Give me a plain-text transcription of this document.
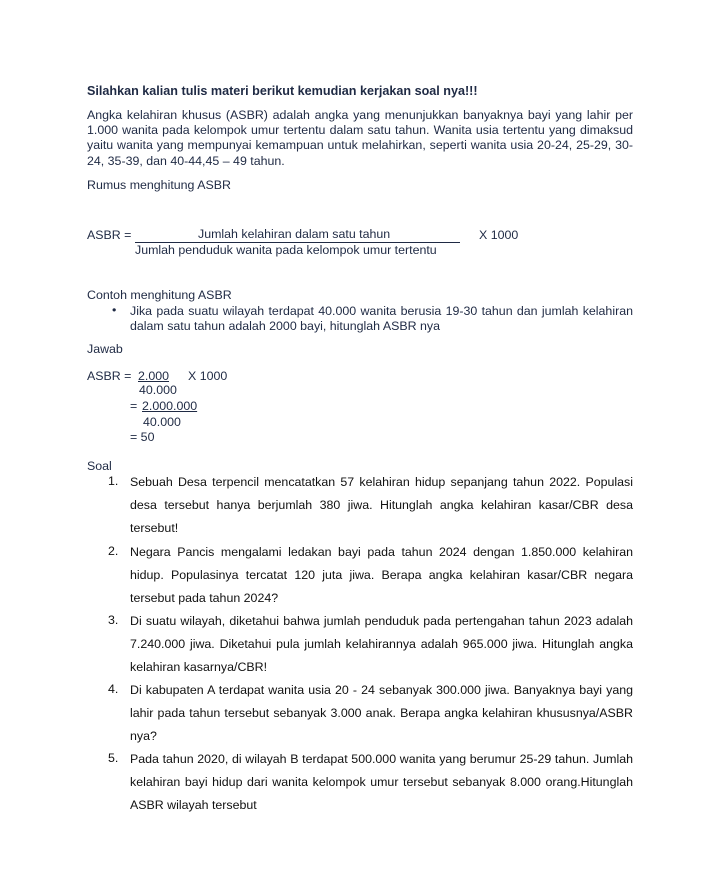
Silahkan kalian tulis materi berikut kemudian kerjakan soal nya!!!
Angka kelahiran khusus (ASBR) adalah angka yang menunjukkan banyaknya bayi yang lahir per 1.000 wanita pada kelompok umur tertentu dalam satu tahun. Wanita usia tertentu yang dimaksud yaitu wanita yang mempunyai kemampuan untuk melahirkan, seperti wanita usia 20-24, 25-29, 30-24, 35-39, dan 40-44,45 – 49 tahun.
Rumus menghitung ASBR
ASBR =	Jumlah kelahiran dalam satu tahun
Jumlah penduduk wanita pada kelompok umur tertentu
X 1000
Contoh menghitung ASBR
• Jika pada suatu wilayah terdapat 40.000 wanita berusia 19-30 tahun dan jumlah kelahiran dalam satu tahun adalah 2000 bayi, hitunglah ASBR nya
Jawab
ASBR = 2.000 X 1000
40.000
= 2.000.000
40.000
= 50
Soal
1. Sebuah Desa terpencil mencatatkan 57 kelahiran hidup sepanjang tahun 2022. Populasi desa tersebut hanya berjumlah 380 jiwa. Hitunglah angka kelahiran kasar/CBR desa tersebut!
2. Negara Pancis mengalami ledakan bayi pada tahun 2024 dengan 1.850.000 kelahiran hidup. Populasinya tercatat 120 juta jiwa. Berapa angka kelahiran kasar/CBR negara tersebut pada tahun 2024?
3. Di suatu wilayah, diketahui bahwa jumlah penduduk pada pertengahan tahun 2023 adalah 7.240.000 jiwa. Diketahui pula jumlah kelahirannya adalah 965.000 jiwa. Hitunglah angka kelahiran kasarnya/CBR!
4. Di kabupaten A terdapat wanita usia 20 - 24 sebanyak 300.000 jiwa. Banyaknya bayi yang lahir pada tahun tersebut sebanyak 3.000 anak. Berapa angka kelahiran khususnya/ASBR nya?
5. Pada tahun 2020, di wilayah B terdapat 500.000 wanita yang berumur 25-29 tahun. Jumlah kelahiran bayi hidup dari wanita kelompok umur tersebut sebanyak 8.000 orang.Hitunglah ASBR wilayah tersebut
